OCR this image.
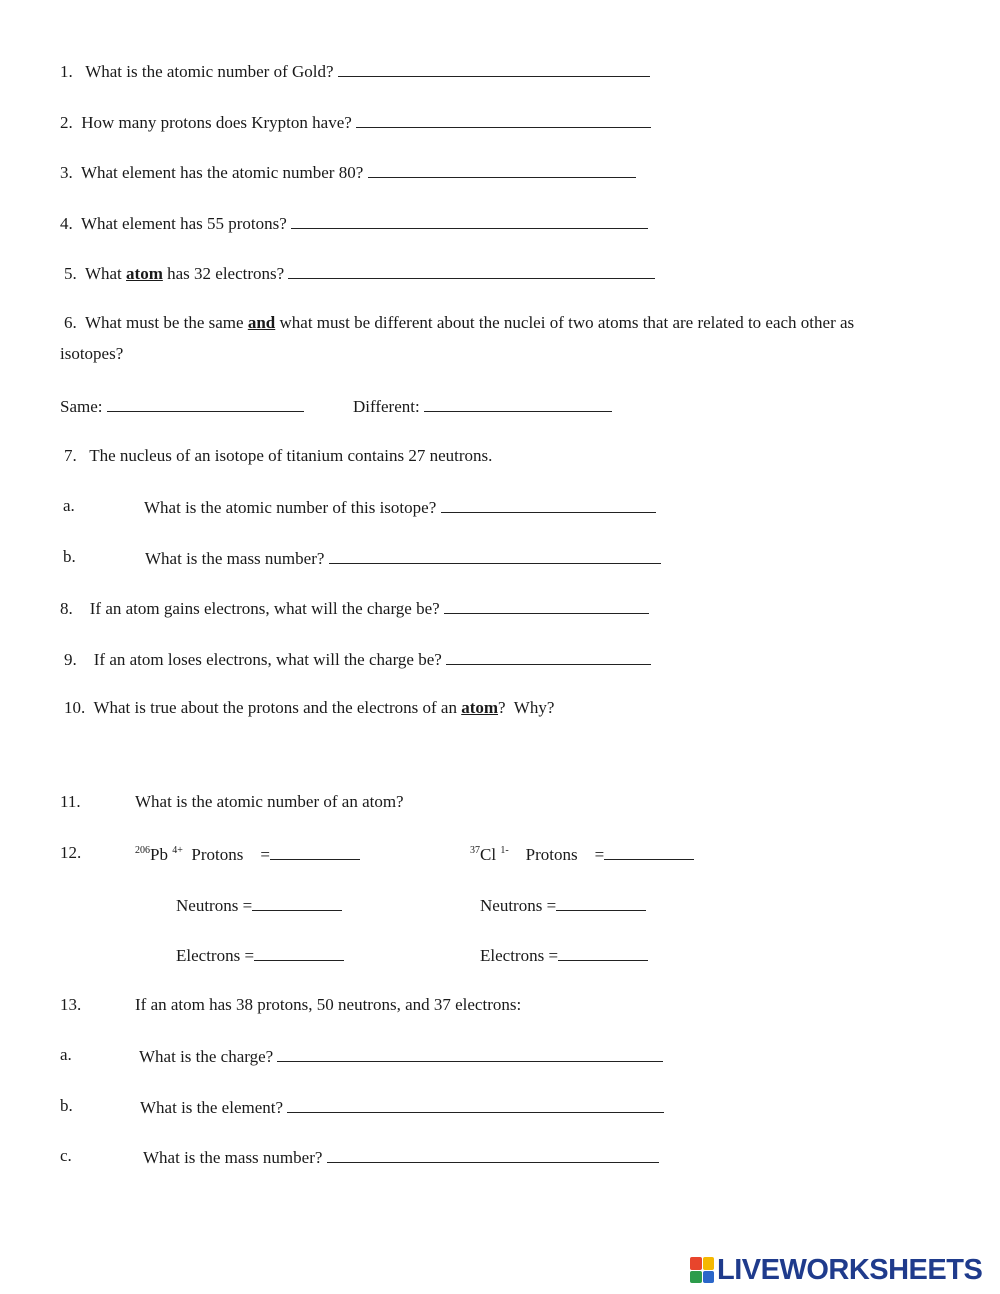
1. What is the atomic number of Gold?
2. How many protons does Krypton have?
3. What element has the atomic number 80?
4. What element has 55 protons?
5. What atom has 32 electrons?
6. What must be the same and what must be different about the nuclei of two atoms that are related to each other as
isotopes?
Same:	Different:
7. The nucleus of an isotope of titanium contains 27 neutrons.
a.	What is the atomic number of this isotope?
b.	What is the mass number?
8. If an atom gains electrons, what will the charge be?
9. If an atom loses electrons, what will the charge be?
10. What is true about the protons and the electrons of an atom?  Why?
11.	What is the atomic number of an atom?
12.	$^{206}$Pb $^{4+}$ Protons =	$^{37}$Cl $^{1-}$ Protons =
Neutrons =	Neutrons =
Electrons =	Electrons =
13.	If an atom has 38 protons, 50 neutrons, and 37 electrons:
a.	What is the charge?
b.	What is the element?
c.	What is the mass number?
LIVEWORKSHEETS
